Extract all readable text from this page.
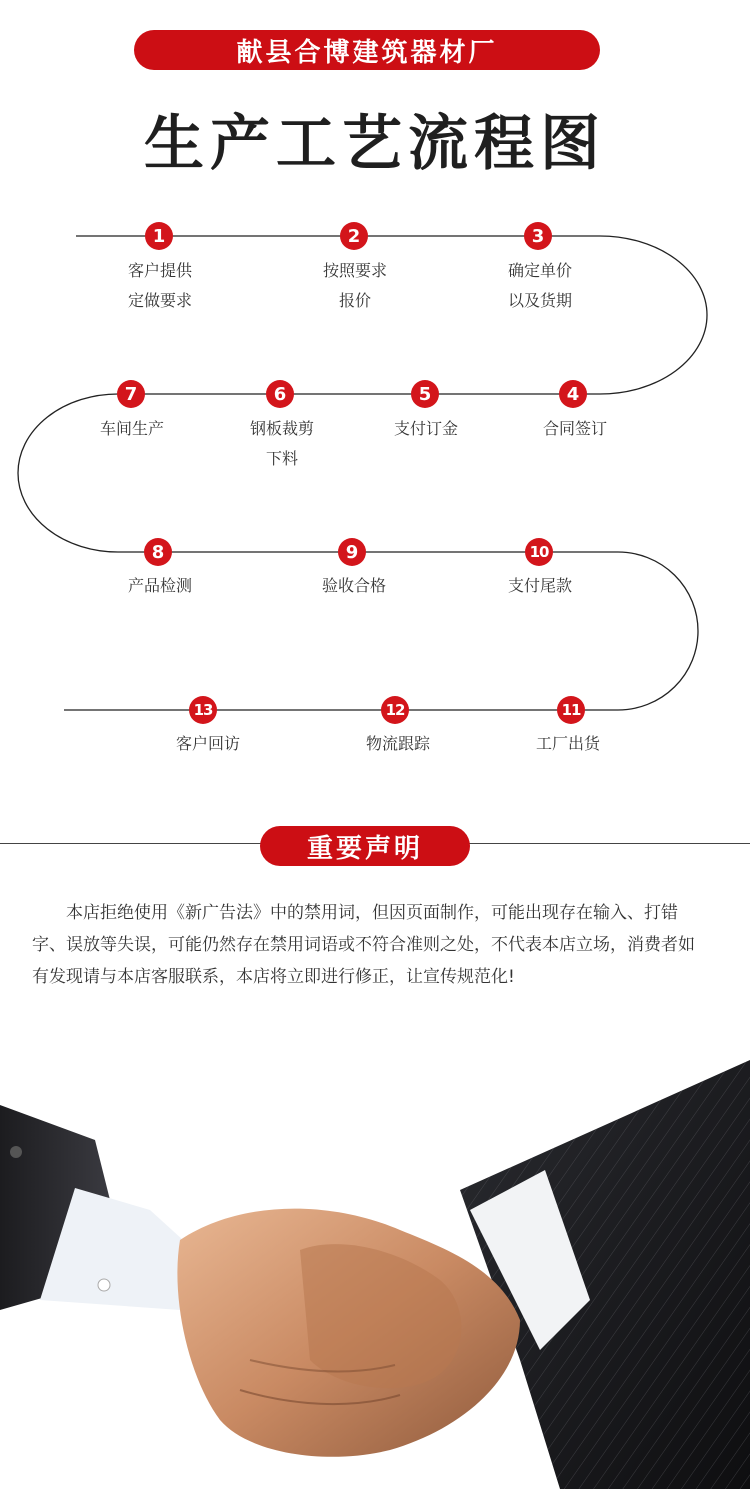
献县合博建筑器材厂
生产工艺流程图
1	2	3
4
5
6
7
8	9	10
11
12
13
客户提供
定做要求
按照要求
报价
确定单价
以及货期
合同签订
支付订金
钢板裁剪
下料
车间生产
产品检测	验收合格	支付尾款
工厂出货
物流跟踪
客户回访
重要声明
本店拒绝使用《新广告法》中的禁用词，但因页面制作，可能出现存在输入、打错字、误放等失误，可能仍然存在禁用词语或不符合准则之处，不代表本店立场，消费者如有发现请与本店客服联系，本店将立即进行修正，让宣传规范化!
